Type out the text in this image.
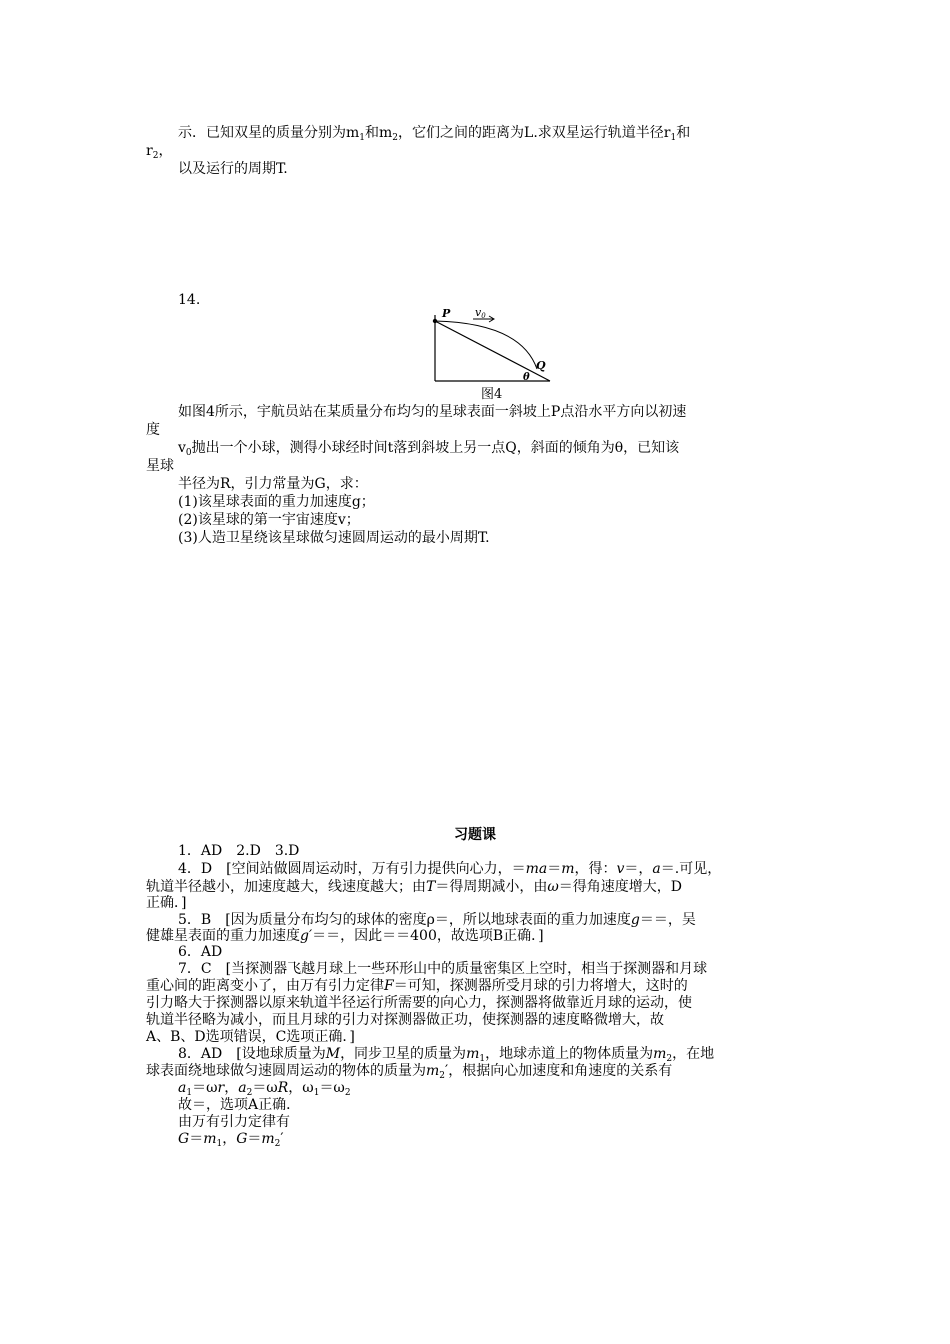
示．已知双星的质量分别为$m_1$和$m_2$，它们之间的距离为L.求双星运行轨道半径$r_1$和
$r_2$，
以及运行的周期T.
14.
P v0
Q
θ
图4
如图4所示，宇航员站在某质量分布均匀的星球表面一斜坡上P点沿水平方向以初速
度
$v_0$抛出一个小球，测得小球经时间t落到斜坡上另一点Q，斜面的倾角为θ，已知该
星球
半径为R，引力常量为G，求：
(1)该星球表面的重力加速度g；
(2)该星球的第一宇宙速度v；
(3)人造卫星绕该星球做匀速圆周运动的最小周期T.
习题课
1．AD　2.D　3.D
4．D　[空间站做圆周运动时，万有引力提供向心力，＝ma＝m，得：v＝，a＝.可见，
轨道半径越小，加速度越大，线速度越大；由T＝得周期减小，由ω＝得角速度增大，D
正确．]
5．B　[因为质量分布均匀的球体的密度ρ＝，所以地球表面的重力加速度g＝＝，吴
健雄星表面的重力加速度g′＝＝，因此＝＝400，故选项B正确．]
6．AD
7．C　[当探测器飞越月球上一些环形山中的质量密集区上空时，相当于探测器和月球
重心间的距离变小了，由万有引力定律F＝可知，探测器所受月球的引力将增大，这时的
引力略大于探测器以原来轨道半径运行所需要的向心力，探测器将做靠近月球的运动，使
轨道半径略为减小，而且月球的引力对探测器做正功，使探测器的速度略微增大，故
A、B、D选项错误，C选项正确．]
8．AD　[设地球质量为M，同步卫星的质量为$m_1$，地球赤道上的物体质量为$m_2$，在地
球表面绕地球做匀速圆周运动的物体的质量为$m_2'$，根据向心加速度和角速度的关系有
$a_1=\omega r$，$a_2=\omega R$，$\omega_1=\omega_2$
故＝，选项A正确．
由万有引力定律有
$G=m_1$，$G=m_2'$
